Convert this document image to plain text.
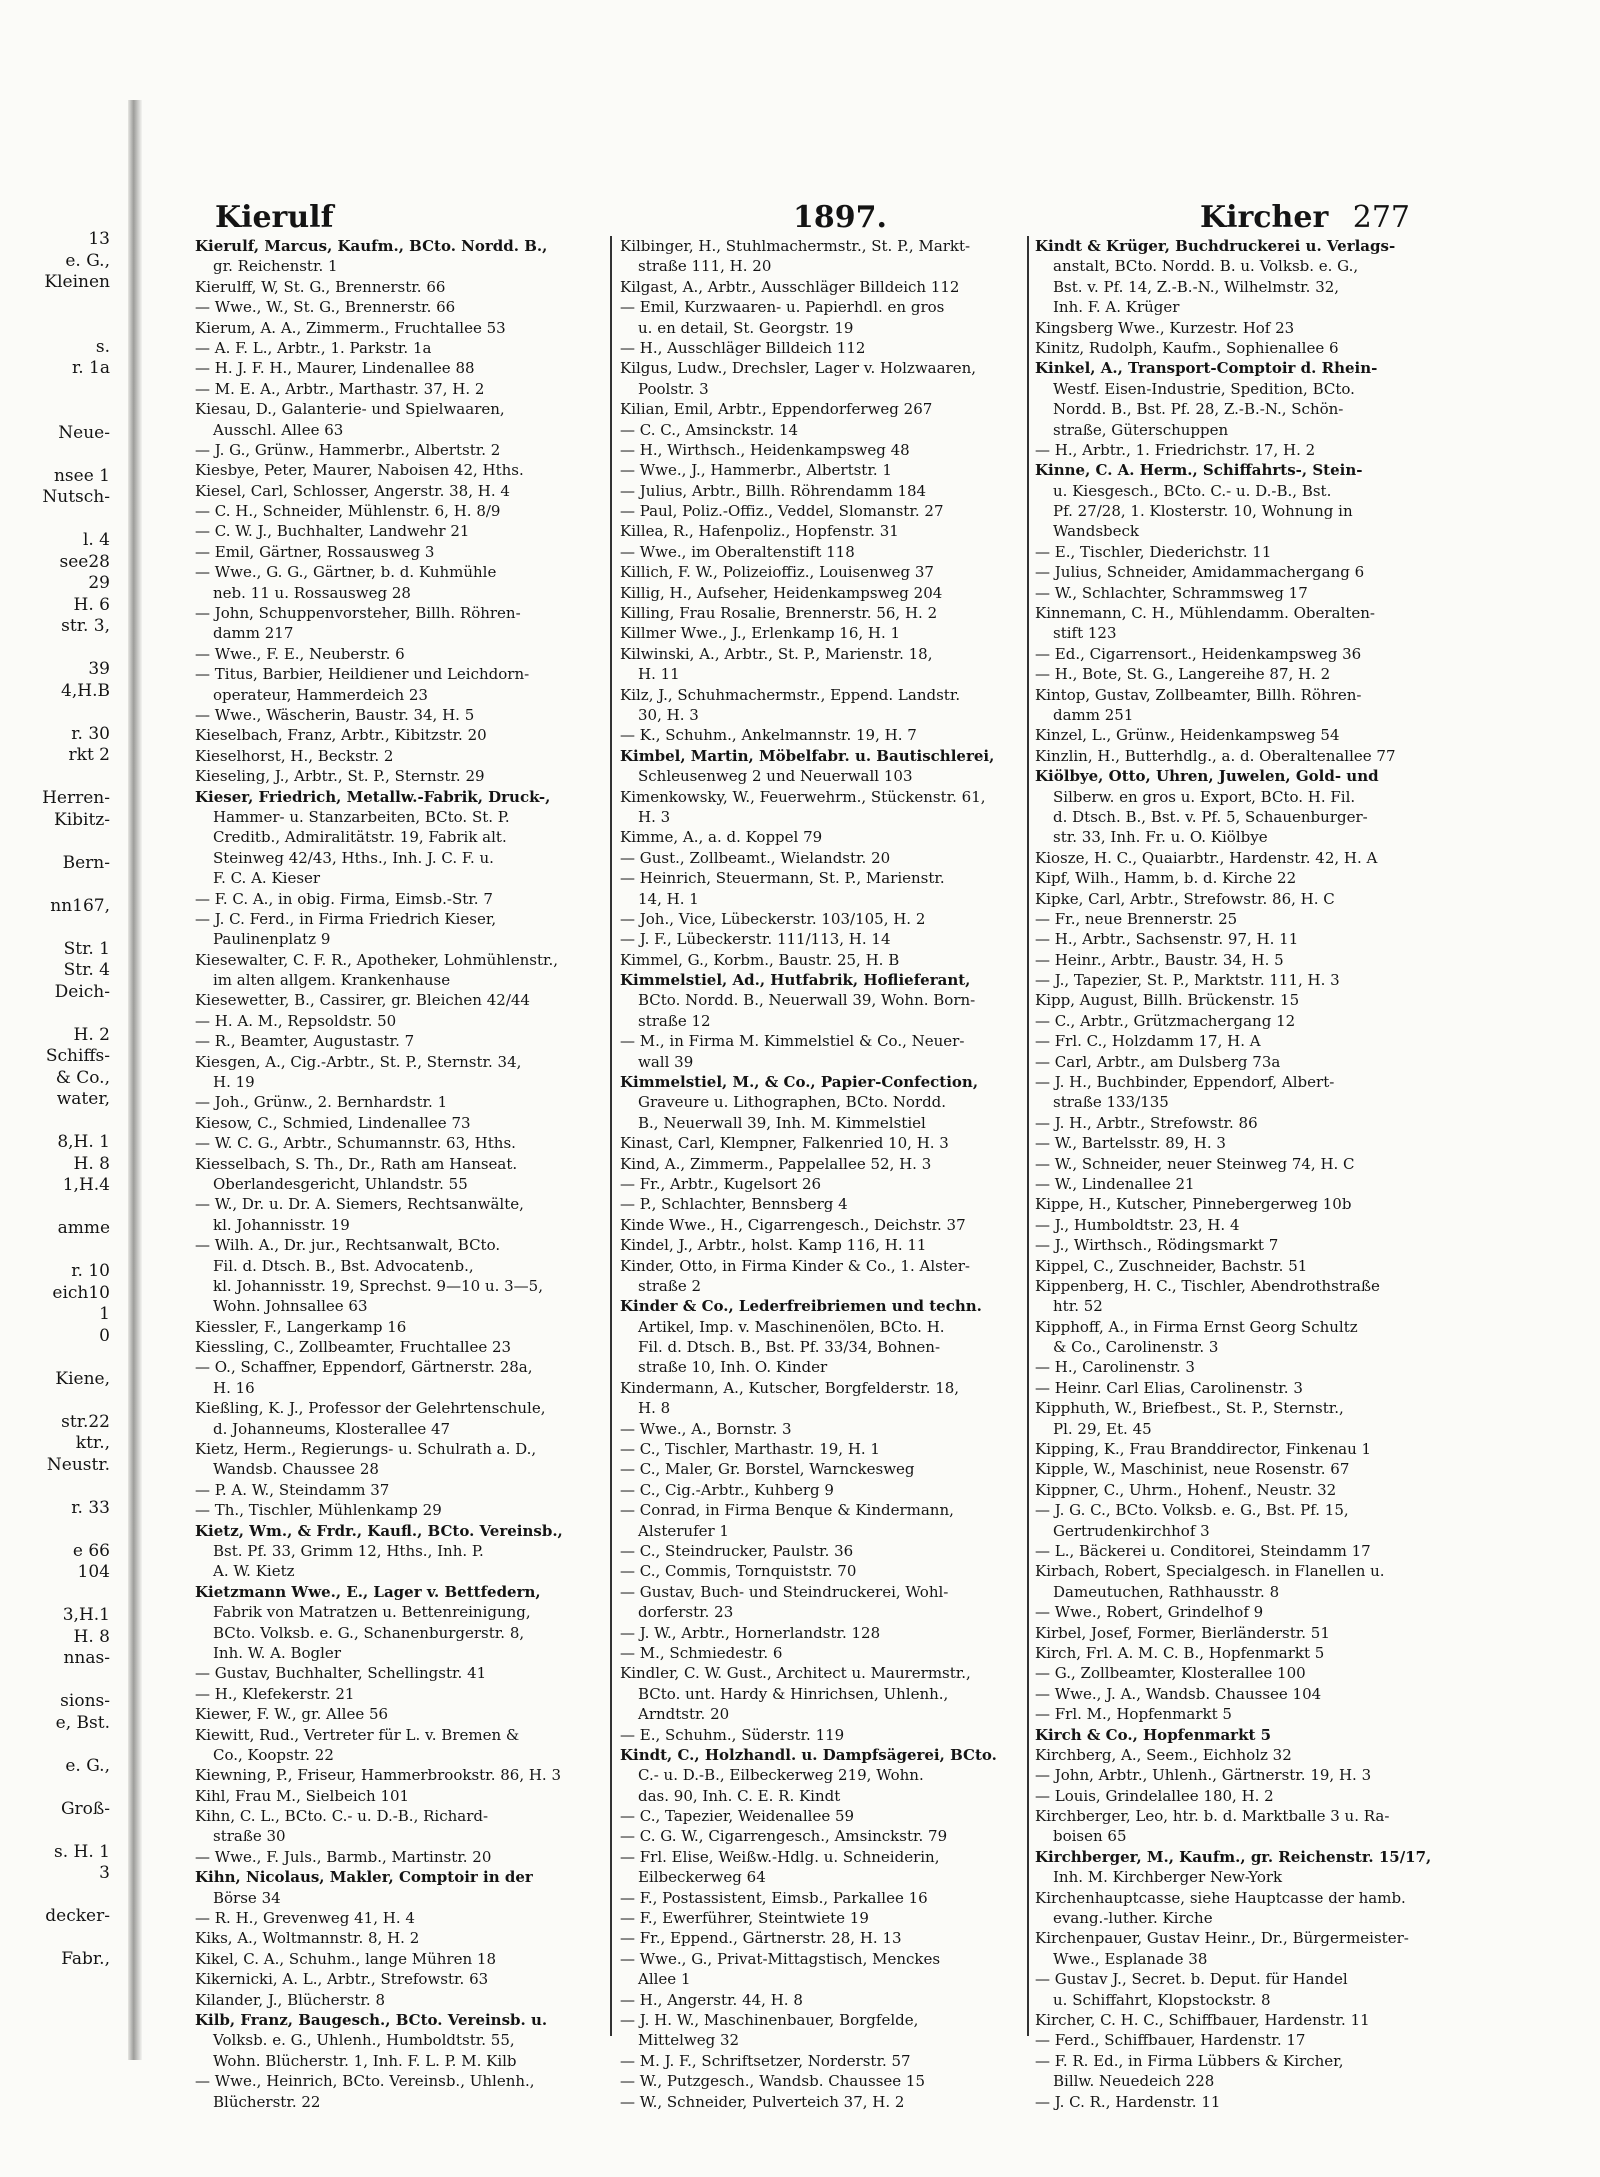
13
e. G.,
Kleinen
s.
r. 1a
Neue-
nsee 1
Nutsch-
l. 4
see28
29
H. 6
str. 3,
39
4,H.B
r. 30
rkt 2
Herren-
Kibitz-
Bern-
nn167,
Str. 1
Str. 4
Deich-
H. 2
Schiffs-
& Co.,
water,
8,H. 1
H. 8
1,H.4
amme
r. 10
eich10
1
0
Kiene,
str.22
ktr.,
Neustr.
r. 33
e 66
104
3,H.1
H. 8
nnas-
sions-
e, Bst.
e. G.,
Groß-
s. H. 1
3
decker-
Fabr.,
Kierulf	1897.	Kircher 277
Kierulf, Marcus, Kaufm., BCto. Nordd. B.,
gr. Reichenstr. 1
Kierulff, W, St. G., Brennerstr. 66
— Wwe., W., St. G., Brennerstr. 66
Kierum, A. A., Zimmerm., Fruchtallee 53
— A. F. L., Arbtr., 1. Parkstr. 1a
— H. J. F. H., Maurer, Lindenallee 88
— M. E. A., Arbtr., Marthastr. 37, H. 2
Kiesau, D., Galanterie- und Spielwaaren,
Ausschl. Allee 63
— J. G., Grünw., Hammerbr., Albertstr. 2
Kiesbye, Peter, Maurer, Naboisen 42, Hths.
Kiesel, Carl, Schlosser, Angerstr. 38, H. 4
— C. H., Schneider, Mühlenstr. 6, H. 8/9
— C. W. J., Buchhalter, Landwehr 21
— Emil, Gärtner, Rossausweg 3
— Wwe., G. G., Gärtner, b. d. Kuhmühle
neb. 11 u. Rossausweg 28
— John, Schuppenvorsteher, Billh. Röhren-
damm 217
— Wwe., F. E., Neuberstr. 6
— Titus, Barbier, Heildiener und Leichdorn-
operateur, Hammerdeich 23
— Wwe., Wäscherin, Baustr. 34, H. 5
Kieselbach, Franz, Arbtr., Kibitzstr. 20
Kieselhorst, H., Beckstr. 2
Kieseling, J., Arbtr., St. P., Sternstr. 29
Kieser, Friedrich, Metallw.-Fabrik, Druck-,
Hammer- u. Stanzarbeiten, BCto. St. P.
Creditb., Admiralitätstr. 19, Fabrik alt.
Steinweg 42/43, Hths., Inh. J. C. F. u.
F. C. A. Kieser
— F. C. A., in obig. Firma, Eimsb.-Str. 7
— J. C. Ferd., in Firma Friedrich Kieser,
Paulinenplatz 9
Kiesewalter, C. F. R., Apotheker, Lohmühlenstr.,
im alten allgem. Krankenhause
Kiesewetter, B., Cassirer, gr. Bleichen 42/44
— H. A. M., Repsoldstr. 50
— R., Beamter, Augustastr. 7
Kiesgen, A., Cig.-Arbtr., St. P., Sternstr. 34,
H. 19
— Joh., Grünw., 2. Bernhardstr. 1
Kiesow, C., Schmied, Lindenallee 73
— W. C. G., Arbtr., Schumannstr. 63, Hths.
Kiesselbach, S. Th., Dr., Rath am Hanseat.
Oberlandesgericht, Uhlandstr. 55
— W., Dr. u. Dr. A. Siemers, Rechtsanwälte,
kl. Johannisstr. 19
— Wilh. A., Dr. jur., Rechtsanwalt, BCto.
Fil. d. Dtsch. B., Bst. Advocatenb.,
kl. Johannisstr. 19, Sprechst. 9—10 u. 3—5,
Wohn. Johnsallee 63
Kiessler, F., Langerkamp 16
Kiessling, C., Zollbeamter, Fruchtallee 23
— O., Schaffner, Eppendorf, Gärtnerstr. 28a,
H. 16
Kießling, K. J., Professor der Gelehrtenschule,
d. Johanneums, Klosterallee 47
Kietz, Herm., Regierungs- u. Schulrath a. D.,
Wandsb. Chaussee 28
— P. A. W., Steindamm 37
— Th., Tischler, Mühlenkamp 29
Kietz, Wm., & Frdr., Kaufl., BCto. Vereinsb.,
Bst. Pf. 33, Grimm 12, Hths., Inh. P.
A. W. Kietz
Kietzmann Wwe., E., Lager v. Bettfedern,
Fabrik von Matratzen u. Bettenreinigung,
BCto. Volksb. e. G., Schanenburgerstr. 8,
Inh. W. A. Bogler
— Gustav, Buchhalter, Schellingstr. 41
— H., Klefekerstr. 21
Kiewer, F. W., gr. Allee 56
Kiewitt, Rud., Vertreter für L. v. Bremen &
Co., Koopstr. 22
Kiewning, P., Friseur, Hammerbrookstr. 86, H. 3
Kihl, Frau M., Sielbeich 101
Kihn, C. L., BCto. C.- u. D.-B., Richard-
straße 30
— Wwe., F. Juls., Barmb., Martinstr. 20
Kihn, Nicolaus, Makler, Comptoir in der
Börse 34
— R. H., Grevenweg 41, H. 4
Kiks, A., Woltmannstr. 8, H. 2
Kikel, C. A., Schuhm., lange Mühren 18
Kikernicki, A. L., Arbtr., Strefowstr. 63
Kilander, J., Blücherstr. 8
Kilb, Franz, Baugesch., BCto. Vereinsb. u.
Volksb. e. G., Uhlenh., Humboldtstr. 55,
Wohn. Blücherstr. 1, Inh. F. L. P. M. Kilb
— Wwe., Heinrich, BCto. Vereinsb., Uhlenh.,
Blücherstr. 22
Kilbinger, H., Stuhlmachermstr., St. P., Markt-
straße 111, H. 20
Kilgast, A., Arbtr., Ausschläger Billdeich 112
— Emil, Kurzwaaren- u. Papierhdl. en gros
u. en detail, St. Georgstr. 19
— H., Ausschläger Billdeich 112
Kilgus, Ludw., Drechsler, Lager v. Holzwaaren,
Poolstr. 3
Kilian, Emil, Arbtr., Eppendorferweg 267
— C. C., Amsinckstr. 14
— H., Wirthsch., Heidenkampsweg 48
— Wwe., J., Hammerbr., Albertstr. 1
— Julius, Arbtr., Billh. Röhrendamm 184
— Paul, Poliz.-Offiz., Veddel, Slomanstr. 27
Killea, R., Hafenpoliz., Hopfenstr. 31
— Wwe., im Oberaltenstift 118
Killich, F. W., Polizeioffiz., Louisenweg 37
Killig, H., Aufseher, Heidenkampsweg 204
Killing, Frau Rosalie, Brennerstr. 56, H. 2
Killmer Wwe., J., Erlenkamp 16, H. 1
Kilwinski, A., Arbtr., St. P., Marienstr. 18,
H. 11
Kilz, J., Schuhmachermstr., Eppend. Landstr.
30, H. 3
— K., Schuhm., Ankelmannstr. 19, H. 7
Kimbel, Martin, Möbelfabr. u. Bautischlerei,
Schleusenweg 2 und Neuerwall 103
Kimenkowsky, W., Feuerwehrm., Stückenstr. 61,
H. 3
Kimme, A., a. d. Koppel 79
— Gust., Zollbeamt., Wielandstr. 20
— Heinrich, Steuermann, St. P., Marienstr.
14, H. 1
— Joh., Vice, Lübeckerstr. 103/105, H. 2
— J. F., Lübeckerstr. 111/113, H. 14
Kimmel, G., Korbm., Baustr. 25, H. B
Kimmelstiel, Ad., Hutfabrik, Hoflieferant,
BCto. Nordd. B., Neuerwall 39, Wohn. Born-
straße 12
— M., in Firma M. Kimmelstiel & Co., Neuer-
wall 39
Kimmelstiel, M., & Co., Papier-Confection,
Graveure u. Lithographen, BCto. Nordd.
B., Neuerwall 39, Inh. M. Kimmelstiel
Kinast, Carl, Klempner, Falkenried 10, H. 3
Kind, A., Zimmerm., Pappelallee 52, H. 3
— Fr., Arbtr., Kugelsort 26
— P., Schlachter, Bennsberg 4
Kinde Wwe., H., Cigarrengesch., Deichstr. 37
Kindel, J., Arbtr., holst. Kamp 116, H. 11
Kinder, Otto, in Firma Kinder & Co., 1. Alster-
straße 2
Kinder & Co., Lederfreibriemen und techn.
Artikel, Imp. v. Maschinenölen, BCto. H.
Fil. d. Dtsch. B., Bst. Pf. 33/34, Bohnen-
straße 10, Inh. O. Kinder
Kindermann, A., Kutscher, Borgfelderstr. 18,
H. 8
— Wwe., A., Bornstr. 3
— C., Tischler, Marthastr. 19, H. 1
— C., Maler, Gr. Borstel, Warnckesweg
— C., Cig.-Arbtr., Kuhberg 9
— Conrad, in Firma Benque & Kindermann,
Alsterufer 1
— C., Steindrucker, Paulstr. 36
— C., Commis, Tornquiststr. 70
— Gustav, Buch- und Steindruckerei, Wohl-
dorferstr. 23
— J. W., Arbtr., Hornerlandstr. 128
— M., Schmiedestr. 6
Kindler, C. W. Gust., Architect u. Maurermstr.,
BCto. unt. Hardy & Hinrichsen, Uhlenh.,
Arndtstr. 20
— E., Schuhm., Süderstr. 119
Kindt, C., Holzhandl. u. Dampfsägerei, BCto.
C.- u. D.-B., Eilbeckerweg 219, Wohn.
das. 90, Inh. C. E. R. Kindt
— C., Tapezier, Weidenallee 59
— C. G. W., Cigarrengesch., Amsinckstr. 79
— Frl. Elise, Weißw.-Hdlg. u. Schneiderin,
Eilbeckerweg 64
— F., Postassistent, Eimsb., Parkallee 16
— F., Ewerführer, Steintwiete 19
— Fr., Eppend., Gärtnerstr. 28, H. 13
— Wwe., G., Privat-Mittagstisch, Menckes
Allee 1
— H., Angerstr. 44, H. 8
— J. H. W., Maschinenbauer, Borgfelde,
Mittelweg 32
— M. J. F., Schriftsetzer, Norderstr. 57
— W., Putzgesch., Wandsb. Chaussee 15
— W., Schneider, Pulverteich 37, H. 2
Kindt & Krüger, Buchdruckerei u. Verlags-
anstalt, BCto. Nordd. B. u. Volksb. e. G.,
Bst. v. Pf. 14, Z.-B.-N., Wilhelmstr. 32,
Inh. F. A. Krüger
Kingsberg Wwe., Kurzestr. Hof 23
Kinitz, Rudolph, Kaufm., Sophienallee 6
Kinkel, A., Transport-Comptoir d. Rhein-
Westf. Eisen-Industrie, Spedition, BCto.
Nordd. B., Bst. Pf. 28, Z.-B.-N., Schön-
straße, Güterschuppen
— H., Arbtr., 1. Friedrichstr. 17, H. 2
Kinne, C. A. Herm., Schiffahrts-, Stein-
u. Kiesgesch., BCto. C.- u. D.-B., Bst.
Pf. 27/28, 1. Klosterstr. 10, Wohnung in
Wandsbeck
— E., Tischler, Diederichstr. 11
— Julius, Schneider, Amidammachergang 6
— W., Schlachter, Schrammsweg 17
Kinnemann, C. H., Mühlendamm. Oberalten-
stift 123
— Ed., Cigarrensort., Heidenkampsweg 36
— H., Bote, St. G., Langereihe 87, H. 2
Kintop, Gustav, Zollbeamter, Billh. Röhren-
damm 251
Kinzel, L., Grünw., Heidenkampsweg 54
Kinzlin, H., Butterhdlg., a. d. Oberaltenallee 77
Kiölbye, Otto, Uhren, Juwelen, Gold- und
Silberw. en gros u. Export, BCto. H. Fil.
d. Dtsch. B., Bst. v. Pf. 5, Schauenburger-
str. 33, Inh. Fr. u. O. Kiölbye
Kiosze, H. C., Quaiarbtr., Hardenstr. 42, H. A
Kipf, Wilh., Hamm, b. d. Kirche 22
Kipke, Carl, Arbtr., Strefowstr. 86, H. C
— Fr., neue Brennerstr. 25
— H., Arbtr., Sachsenstr. 97, H. 11
— Heinr., Arbtr., Baustr. 34, H. 5
— J., Tapezier, St. P., Marktstr. 111, H. 3
Kipp, August, Billh. Brückenstr. 15
— C., Arbtr., Grützmachergang 12
— Frl. C., Holzdamm 17, H. A
— Carl, Arbtr., am Dulsberg 73a
— J. H., Buchbinder, Eppendorf, Albert-
straße 133/135
— J. H., Arbtr., Strefowstr. 86
— W., Bartelsstr. 89, H. 3
— W., Schneider, neuer Steinweg 74, H. C
— W., Lindenallee 21
Kippe, H., Kutscher, Pinnebergerweg 10b
— J., Humboldtstr. 23, H. 4
— J., Wirthsch., Rödingsmarkt 7
Kippel, C., Zuschneider, Bachstr. 51
Kippenberg, H. C., Tischler, Abendrothstraße
htr. 52
Kipphoff, A., in Firma Ernst Georg Schultz
& Co., Carolinenstr. 3
— H., Carolinenstr. 3
— Heinr. Carl Elias, Carolinenstr. 3
Kipphuth, W., Briefbest., St. P., Sternstr.,
Pl. 29, Et. 45
Kipping, K., Frau Branddirector, Finkenau 1
Kipple, W., Maschinist, neue Rosenstr. 67
Kippner, C., Uhrm., Hohenf., Neustr. 32
— J. G. C., BCto. Volksb. e. G., Bst. Pf. 15,
Gertrudenkirchhof 3
— L., Bäckerei u. Conditorei, Steindamm 17
Kirbach, Robert, Specialgesch. in Flanellen u.
Dameutuchen, Rathhausstr. 8
— Wwe., Robert, Grindelhof 9
Kirbel, Josef, Former, Bierländerstr. 51
Kirch, Frl. A. M. C. B., Hopfenmarkt 5
— G., Zollbeamter, Klosterallee 100
— Wwe., J. A., Wandsb. Chaussee 104
— Frl. M., Hopfenmarkt 5
Kirch & Co., Hopfenmarkt 5
Kirchberg, A., Seem., Eichholz 32
— John, Arbtr., Uhlenh., Gärtnerstr. 19, H. 3
— Louis, Grindelallee 180, H. 2
Kirchberger, Leo, htr. b. d. Marktballe 3 u. Ra-
boisen 65
Kirchberger, M., Kaufm., gr. Reichenstr. 15/17,
Inh. M. Kirchberger New-York
Kirchenhauptcasse, siehe Hauptcasse der hamb.
evang.-luther. Kirche
Kirchenpauer, Gustav Heinr., Dr., Bürgermeister-
Wwe., Esplanade 38
— Gustav J., Secret. b. Deput. für Handel
u. Schiffahrt, Klopstockstr. 8
Kircher, C. H. C., Schiffbauer, Hardenstr. 11
— Ferd., Schiffbauer, Hardenstr. 17
— F. R. Ed., in Firma Lübbers & Kircher,
Billw. Neuedeich 228
— J. C. R., Hardenstr. 11
